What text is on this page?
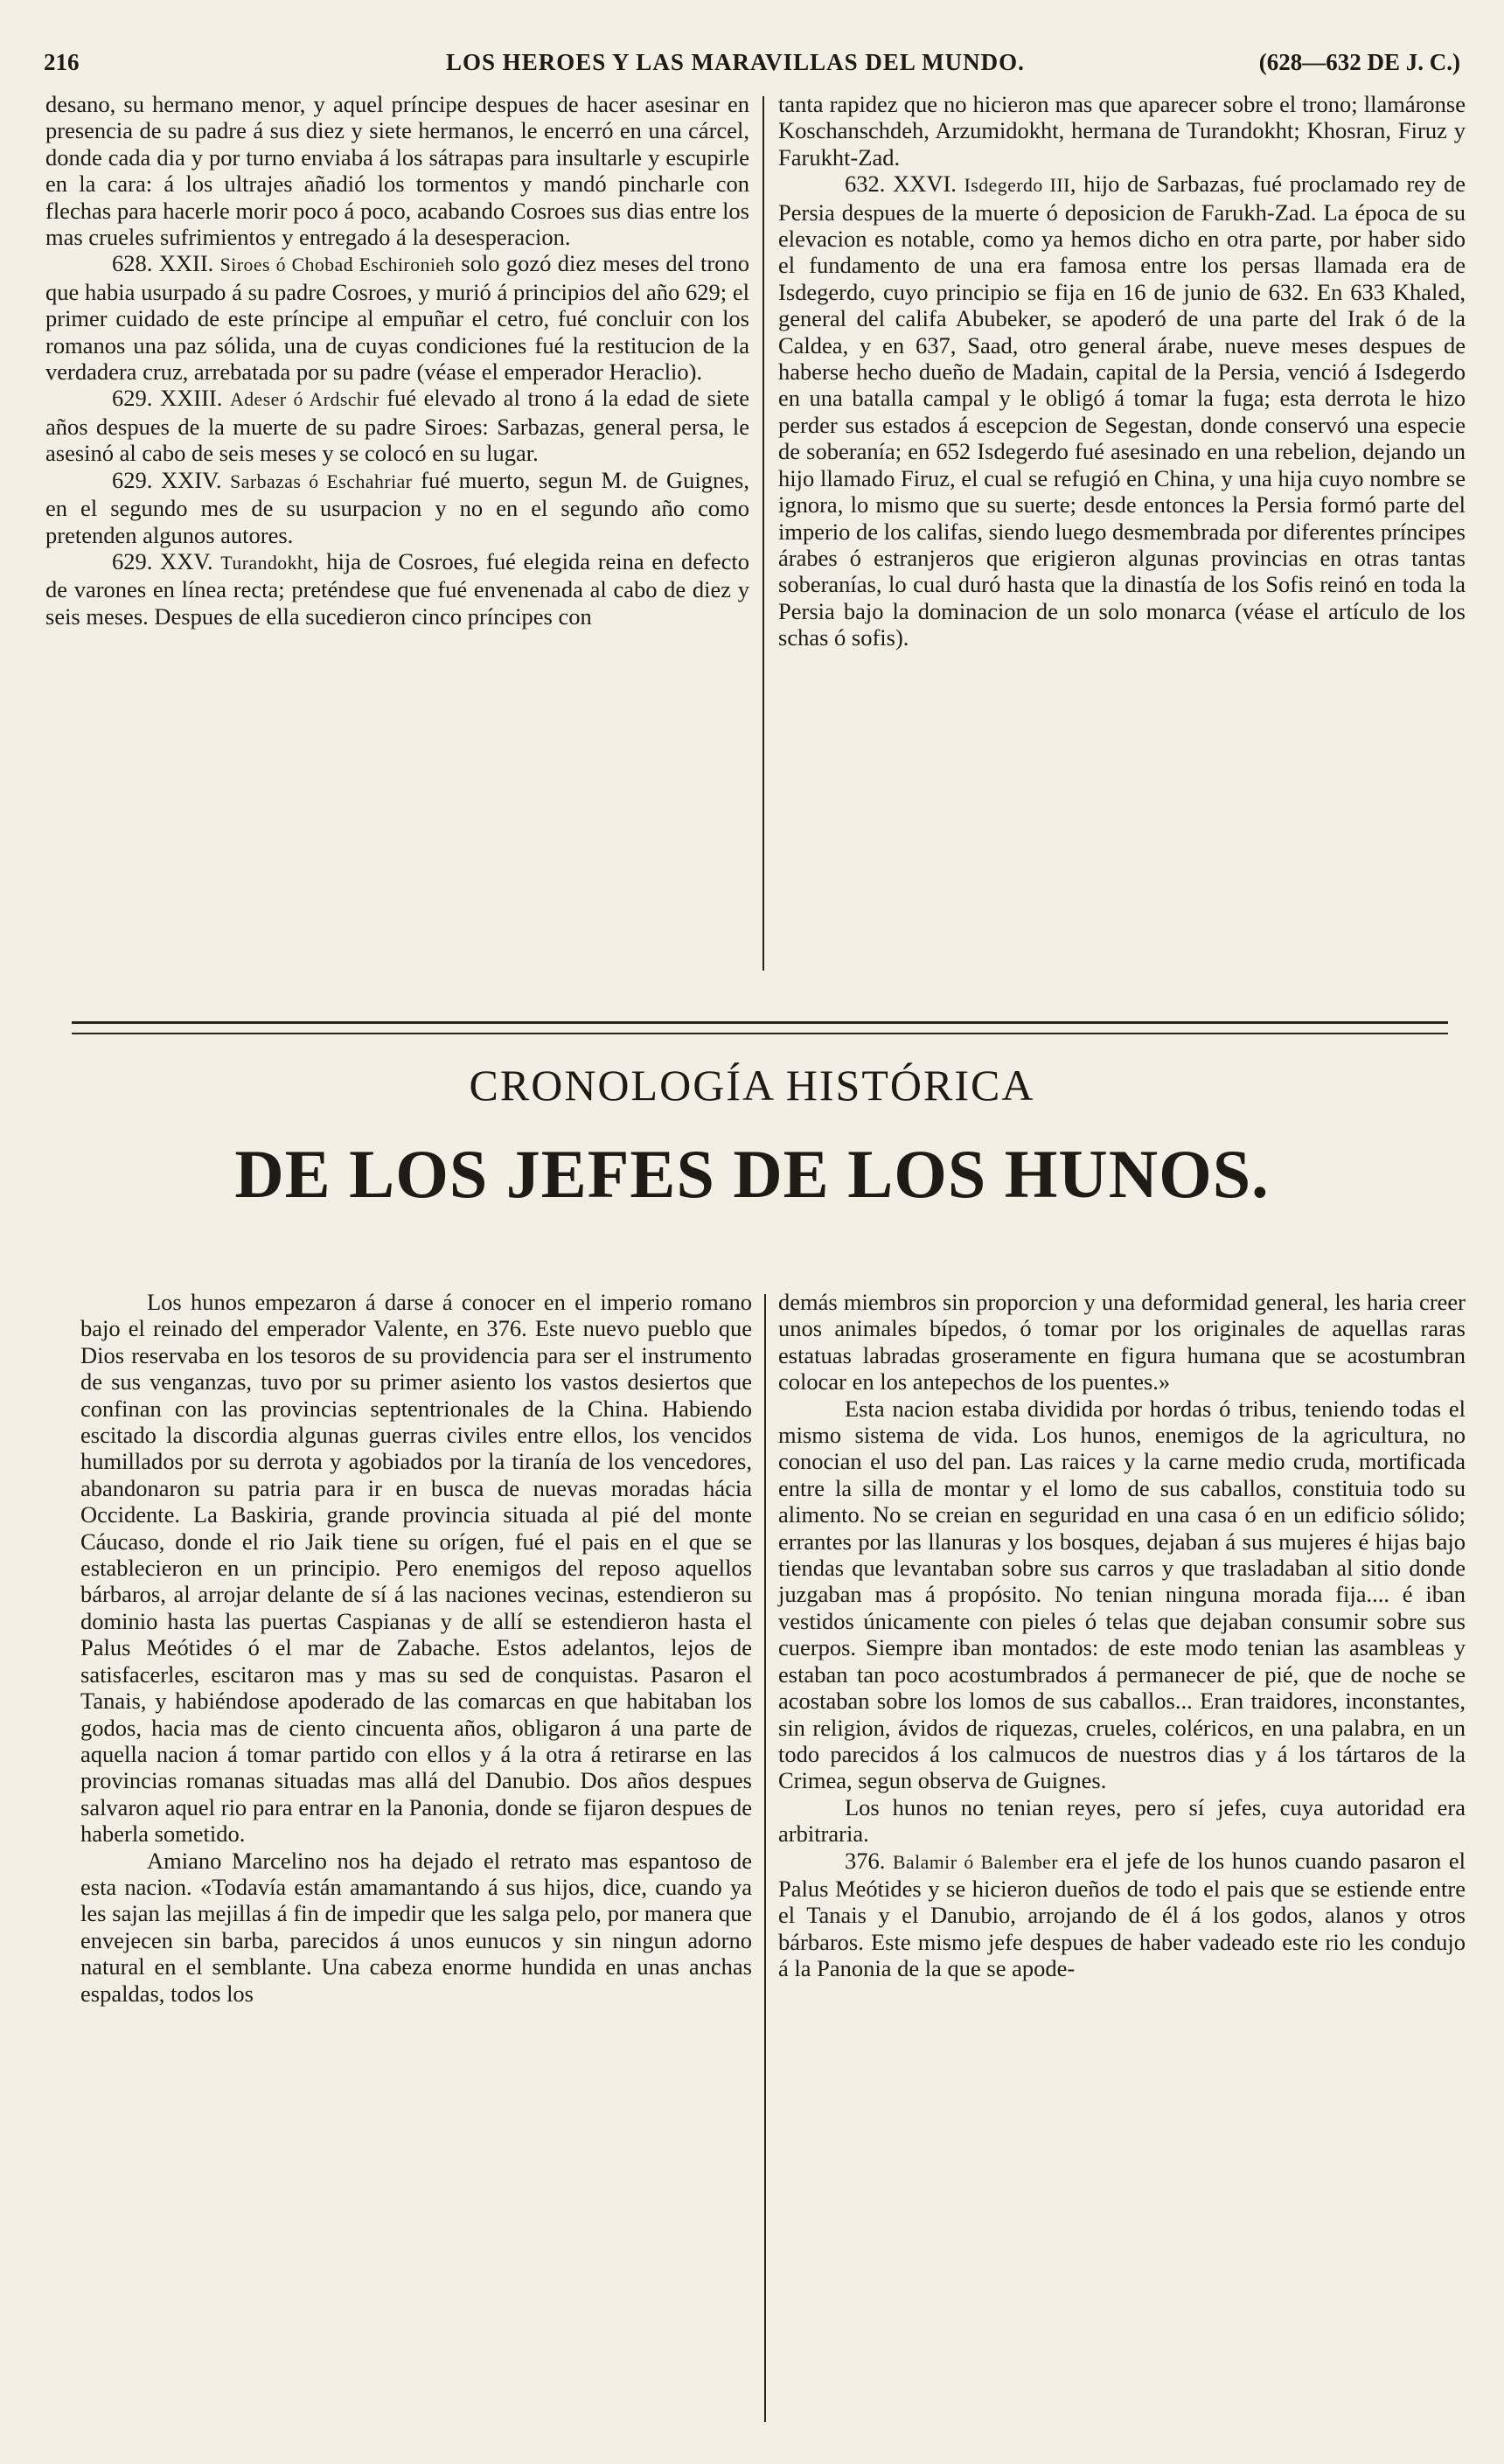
216	LOS HEROES Y LAS MARAVILLAS DEL MUNDO.	(628—632 DE J. C.)

desano, su hermano menor, y aquel príncipe despues de hacer asesinar en presencia de su padre á sus diez y siete hermanos, le encerró en una cárcel, donde cada dia y por turno enviaba á los sátrapas para insultarle y escupirle en la cara: á los ultrajes añadió los tormentos y mandó pincharle con flechas para hacerle morir poco á poco, acabando Cosroes sus dias entre los mas crueles sufrimientos y entregado á la desesperacion.

628. XXII. Siroes ó Chobad Eschironieh solo gozó diez meses del trono que habia usurpado á su padre Cosroes, y murió á principios del año 629; el primer cuidado de este príncipe al empuñar el cetro, fué concluir con los romanos una paz sólida, una de cuyas condiciones fué la restitucion de la verdadera cruz, arrebatada por su padre (véase el emperador Heraclio).

629. XXIII. Adeser ó Ardschir fué elevado al trono á la edad de siete años despues de la muerte de su padre Siroes: Sarbazas, general persa, le asesinó al cabo de seis meses y se colocó en su lugar.

629. XXIV. Sarbazas ó Eschahriar fué muerto, segun M. de Guignes, en el segundo mes de su usurpacion y no en el segundo año como pretenden algunos autores.

629. XXV. Turandokht, hija de Cosroes, fué elegida reina en defecto de varones en línea recta; preténdese que fué envenenada al cabo de diez y seis meses. Despues de ella sucedieron cinco príncipes con

tanta rapidez que no hicieron mas que aparecer sobre el trono; llamáronse Koschanschdeh, Arzumidokht, hermana de Turandokht; Khosran, Firuz y Farukht-Zad.

632. XXVI. Isdegerdo III, hijo de Sarbazas, fué proclamado rey de Persia despues de la muerte ó deposicion de Farukh-Zad. La época de su elevacion es notable, como ya hemos dicho en otra parte, por haber sido el fundamento de una era famosa entre los persas llamada era de Isdegerdo, cuyo principio se fija en 16 de junio de 632. En 633 Khaled, general del califa Abubeker, se apoderó de una parte del Irak ó de la Caldea, y en 637, Saad, otro general árabe, nueve meses despues de haberse hecho dueño de Madain, capital de la Persia, venció á Isdegerdo en una batalla campal y le obligó á tomar la fuga; esta derrota le hizo perder sus estados á escepcion de Segestan, donde conservó una especie de soberanía; en 652 Isdegerdo fué asesinado en una rebelion, dejando un hijo llamado Firuz, el cual se refugió en China, y una hija cuyo nombre se ignora, lo mismo que su suerte; desde entonces la Persia formó parte del imperio de los califas, siendo luego desmembrada por diferentes príncipes árabes ó estranjeros que erigieron algunas provincias en otras tantas soberanías, lo cual duró hasta que la dinastía de los Sofis reinó en toda la Persia bajo la dominacion de un solo monarca (véase el artículo de los schas ó sofis).

CRONOLOGÍA HISTÓRICA
DE LOS JEFES DE LOS HUNOS.

Los hunos empezaron á darse á conocer en el imperio romano bajo el reinado del emperador Valente, en 376. Este nuevo pueblo que Dios reservaba en los tesoros de su providencia para ser el instrumento de sus venganzas, tuvo por su primer asiento los vastos desiertos que confinan con las provincias septentrionales de la China. Habiendo escitado la discordia algunas guerras civiles entre ellos, los vencidos humillados por su derrota y agobiados por la tiranía de los vencedores, abandonaron su patria para ir en busca de nuevas moradas hácia Occidente. La Baskiria, grande provincia situada al pié del monte Cáucaso, donde el rio Jaik tiene su orígen, fué el pais en el que se establecieron en un principio. Pero enemigos del reposo aquellos bárbaros, al arrojar delante de sí á las naciones vecinas, estendieron su dominio hasta las puertas Caspianas y de allí se estendieron hasta el Palus Meótides ó el mar de Zabache. Estos adelantos, lejos de satisfacerles, escitaron mas y mas su sed de conquistas. Pasaron el Tanais, y habiéndose apoderado de las comarcas en que habitaban los godos, hacia mas de ciento cincuenta años, obligaron á una parte de aquella nacion á tomar partido con ellos y á la otra á retirarse en las provincias romanas situadas mas allá del Danubio. Dos años despues salvaron aquel rio para entrar en la Panonia, donde se fijaron despues de haberla sometido.

Amiano Marcelino nos ha dejado el retrato mas espantoso de esta nacion. «Todavía están amamantando á sus hijos, dice, cuando ya les sajan las mejillas á fin de impedir que les salga pelo, por manera que envejecen sin barba, parecidos á unos eunucos y sin ningun adorno natural en el semblante. Una cabeza enorme hundida en unas anchas espaldas, todos los

demás miembros sin proporcion y una deformidad general, les haria creer unos animales bípedos, ó tomar por los originales de aquellas raras estatuas labradas groseramente en figura humana que se acostumbran colocar en los antepechos de los puentes.»

Esta nacion estaba dividida por hordas ó tribus, teniendo todas el mismo sistema de vida. Los hunos, enemigos de la agricultura, no conocian el uso del pan. Las raices y la carne medio cruda, mortificada entre la silla de montar y el lomo de sus caballos, constituia todo su alimento. No se creian en seguridad en una casa ó en un edificio sólido; errantes por las llanuras y los bosques, dejaban á sus mujeres é hijas bajo tiendas que levantaban sobre sus carros y que trasladaban al sitio donde juzgaban mas á propósito. No tenian ninguna morada fija.... é iban vestidos únicamente con pieles ó telas que dejaban consumir sobre sus cuerpos. Siempre iban montados: de este modo tenian las asambleas y estaban tan poco acostumbrados á permanecer de pié, que de noche se acostaban sobre los lomos de sus caballos... Eran traidores, inconstantes, sin religion, ávidos de riquezas, crueles, coléricos, en una palabra, en un todo parecidos á los calmucos de nuestros dias y á los tártaros de la Crimea, segun observa de Guignes.

Los hunos no tenian reyes, pero sí jefes, cuya autoridad era arbitraria.

376. Balamir ó Balember era el jefe de los hunos cuando pasaron el Palus Meótides y se hicieron dueños de todo el pais que se estiende entre el Tanais y el Danubio, arrojando de él á los godos, alanos y otros bárbaros. Este mismo jefe despues de haber vadeado este rio les condujo á la Panonia de la que se apode-
